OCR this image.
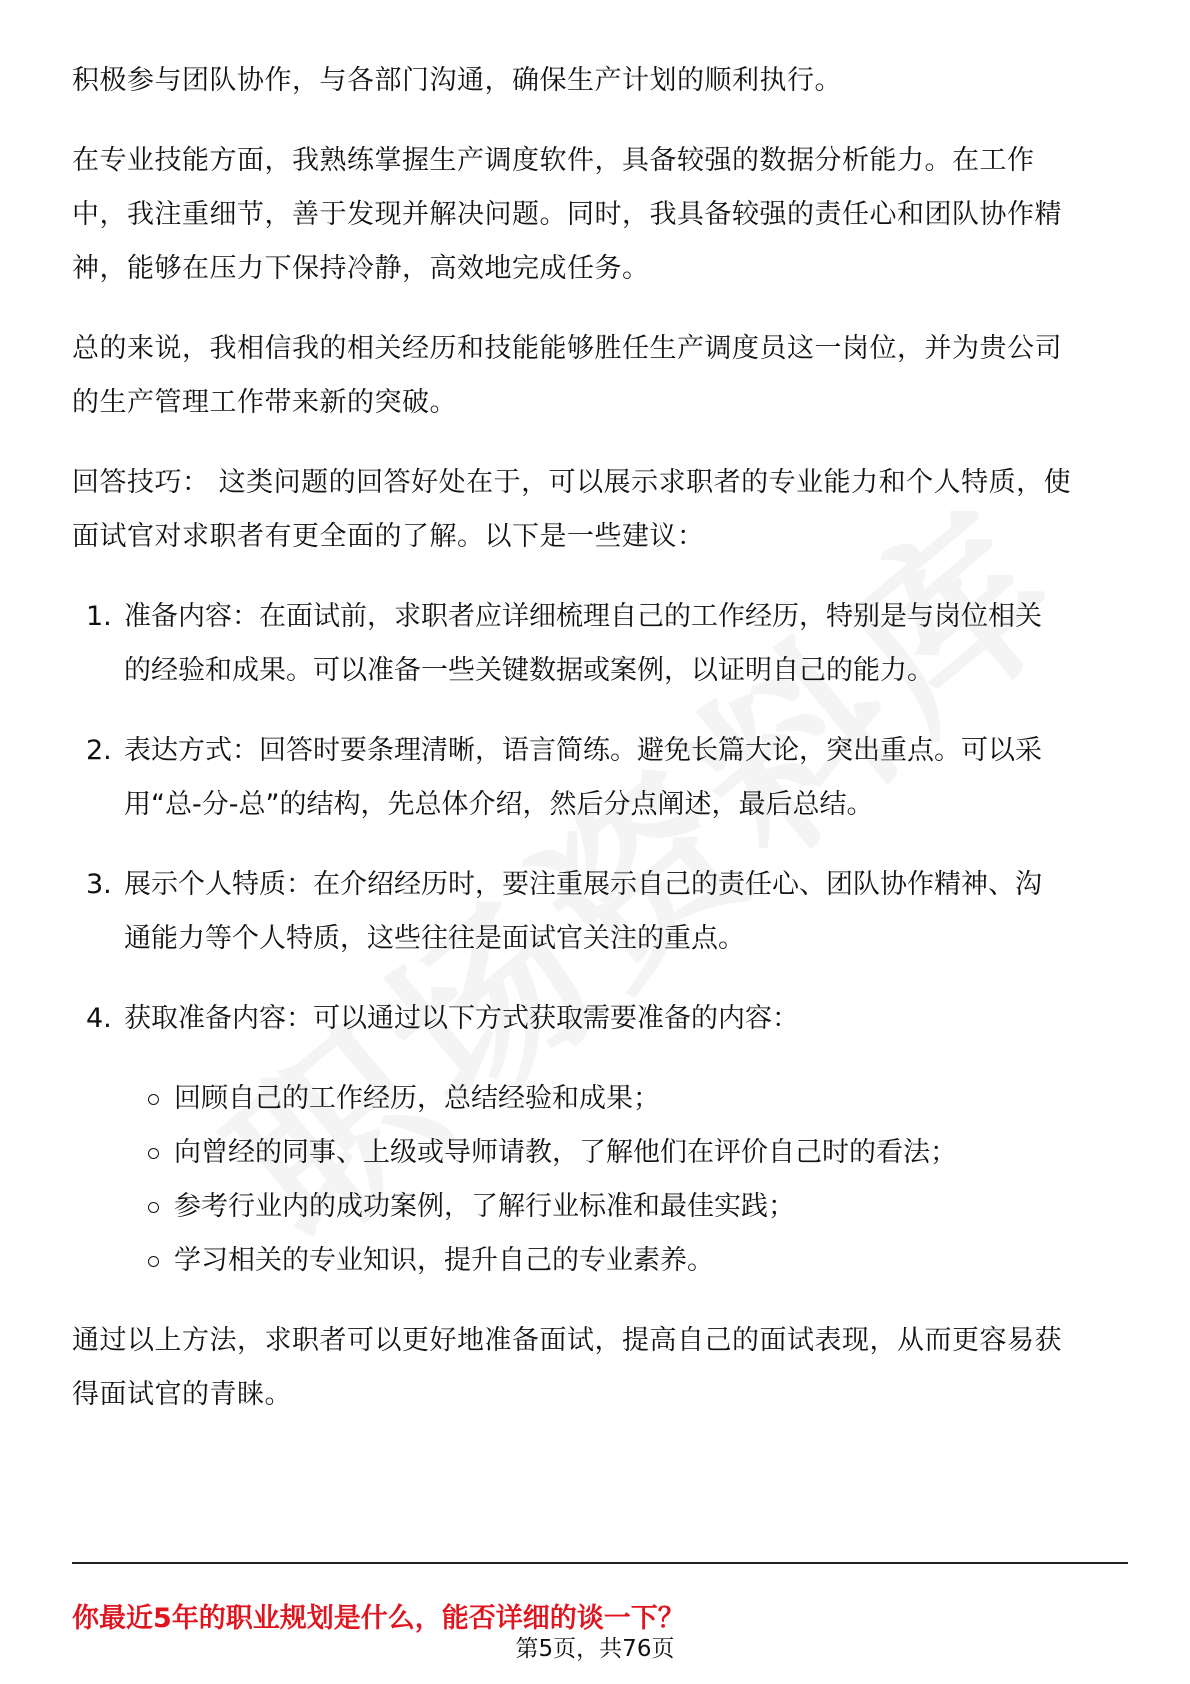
积极参与团队协作，与各部门沟通，确保生产计划的顺利执行。

在专业技能方面，我熟练掌握生产调度软件，具备较强的数据分析能力。在工作

中，我注重细节，善于发现并解决问题。同时，我具备较强的责任心和团队协作精

神，能够在压力下保持冷静，高效地完成任务。

总的来说，我相信我的相关经历和技能能够胜任生产调度员这一岗位，并为贵公司

的生产管理工作带来新的突破。

回答技巧： 这类问题的回答好处在于，可以展示求职者的专业能力和个人特质，使

面试官对求职者有更全面的了解。以下是一些建议：

1. 准备内容：在面试前，求职者应详细梳理自己的工作经历，特别是与岗位相关
的经验和成果。可以准备一些关键数据或案例，以证明自己的能力。
2. 表达方式：回答时要条理清晰，语言简练。避免长篇大论，突出重点。可以采
用“总-分-总”的结构，先总体介绍，然后分点阐述，最后总结。
3. 展示个人特质：在介绍经历时，要注重展示自己的责任心、团队协作精神、沟
通能力等个人特质，这些往往是面试官关注的重点。
4. 获取准备内容：可以通过以下方式获取需要准备的内容：
回顾自己的工作经历，总结经验和成果；
向曾经的同事、上级或导师请教，了解他们在评价自己时的看法；
参考行业内的成功案例，了解行业标准和最佳实践；
学习相关的专业知识，提升自己的专业素养。

通过以上方法，求职者可以更好地准备面试，提高自己的面试表现，从而更容易获

得面试官的青睐。

你最近5年的职业规划是什么，能否详细的谈一下？

第5页，共76页
